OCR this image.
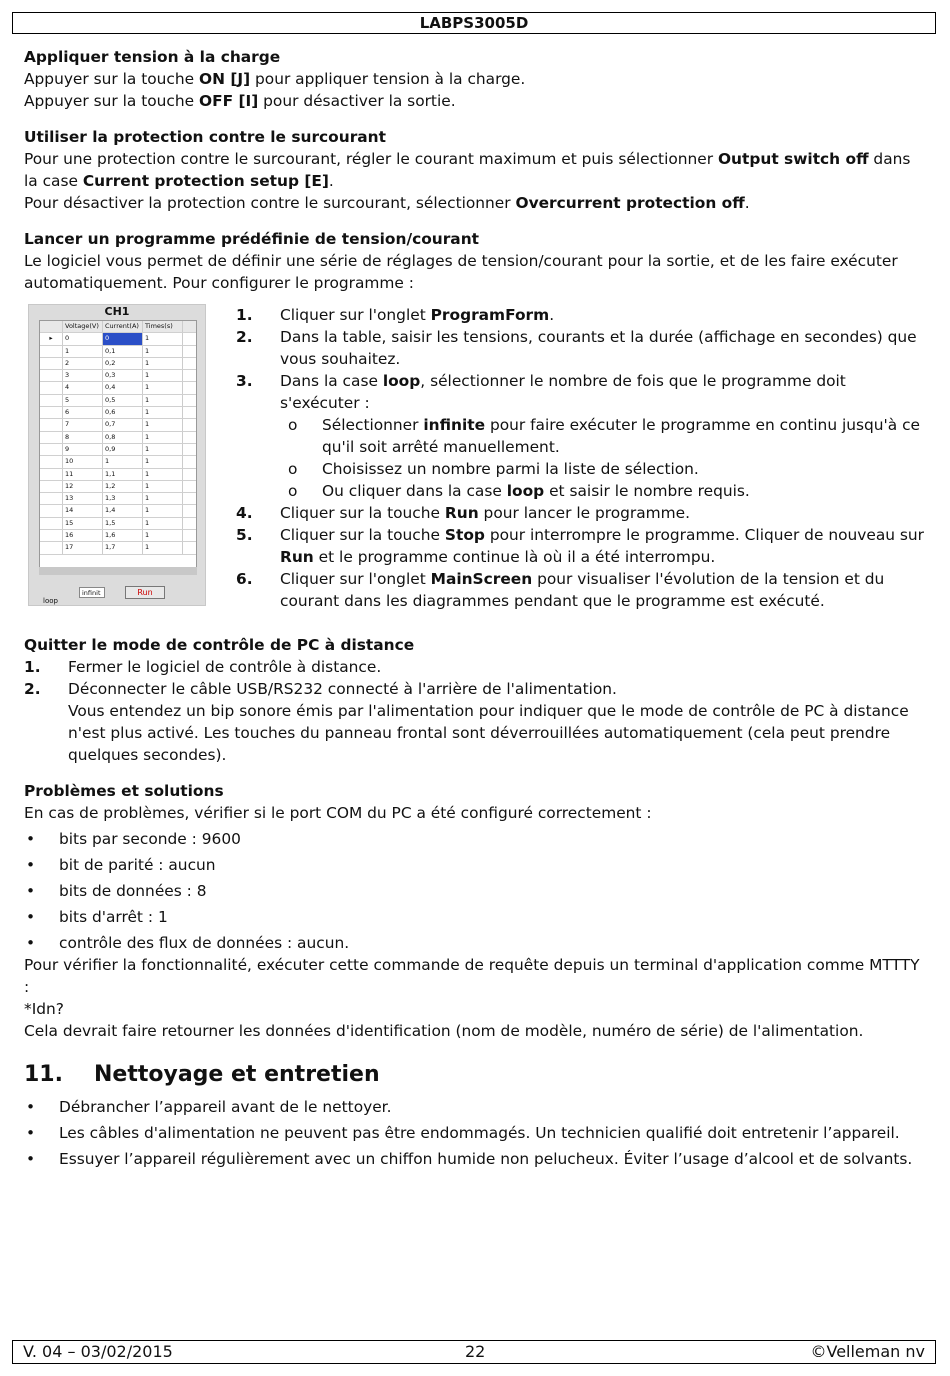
LABPS3005D

Appliquer tension à la charge

Appuyer sur la touche ON [J] pour appliquer tension à la charge.

Appuyer sur la touche OFF [I] pour désactiver la sortie.

Utiliser la protection contre le surcourant

Pour une protection contre le surcourant, régler le courant maximum et puis sélectionner Output switch off dans la case Current protection setup [E].

Pour désactiver la protection contre le surcourant, sélectionner Overcurrent protection off.

Lancer un programme prédéfinie de tension/courant

Le logiciel vous permet de définir une série de réglages de tension/courant pour la sortie, et de les faire exécuter automatiquement. Pour configurer le programme :

CH1
Voltage(V) Current(A) Times(s)
▸	0	0	1
1	0,1	1
2	0,2	1
3	0,3	1
4	0,4	1
5	0,5	1
6	0,6	1
7	0,7	1
8	0,8	1
9	0,9	1
10	1	1
11	1,1	1
12	1,2	1
13	1,3	1
14	1,4	1
15	1,5	1
16	1,6	1
17	1,7	1
loop
infinit	Run
1. Cliquer sur l'onglet ProgramForm.
2. Dans la table, saisir les tensions, courants et la durée (affichage en secondes) que vous souhaitez.
3. Dans la case loop, sélectionner le nombre de fois que le programme doit s'exécuter :
o Sélectionner infinite pour faire exécuter le programme en continu jusqu'à ce qu'il soit arrêté manuellement.
o Choisissez un nombre parmi la liste de sélection.
o Ou cliquer dans la case loop et saisir le nombre requis.
4. Cliquer sur la touche Run pour lancer le programme.
5. Cliquer sur la touche Stop pour interrompre le programme. Cliquer de nouveau sur Run et le programme continue là où il a été interrompu.
6. Cliquer sur l'onglet MainScreen pour visualiser l'évolution de la tension et du courant dans les diagrammes pendant que le programme est exécuté.

Quitter le mode de contrôle de PC à distance

1. Fermer le logiciel de contrôle à distance.
2. Déconnecter le câble USB/RS232 connecté à l'arrière de l'alimentation.
Vous entendez un bip sonore émis par l'alimentation pour indiquer que le mode de contrôle de PC à distance n'est plus activé. Les touches du panneau frontal sont déverrouillées automatiquement (cela peut prendre quelques secondes).

Problèmes et solutions

En cas de problèmes, vérifier si le port COM du PC a été configuré correctement :

• bits par seconde : 9600
• bit de parité : aucun
• bits de données : 8
• bits d'arrêt : 1
• contrôle des flux de données : aucun.

Pour vérifier la fonctionnalité, exécuter cette commande de requête depuis un terminal d'application comme MTTTY :

*Idn?

Cela devrait faire retourner les données d'identification (nom de modèle, numéro de série) de l'alimentation.

11. Nettoyage et entretien
• Débrancher l’appareil avant de le nettoyer.
• Les câbles d'alimentation ne peuvent pas être endommagés. Un technicien qualifié doit entretenir l’appareil.
• Essuyer l’appareil régulièrement avec un chiffon humide non pelucheux. Éviter l’usage d’alcool et de solvants.
V. 04 – 03/02/2015	22	©Velleman nv
